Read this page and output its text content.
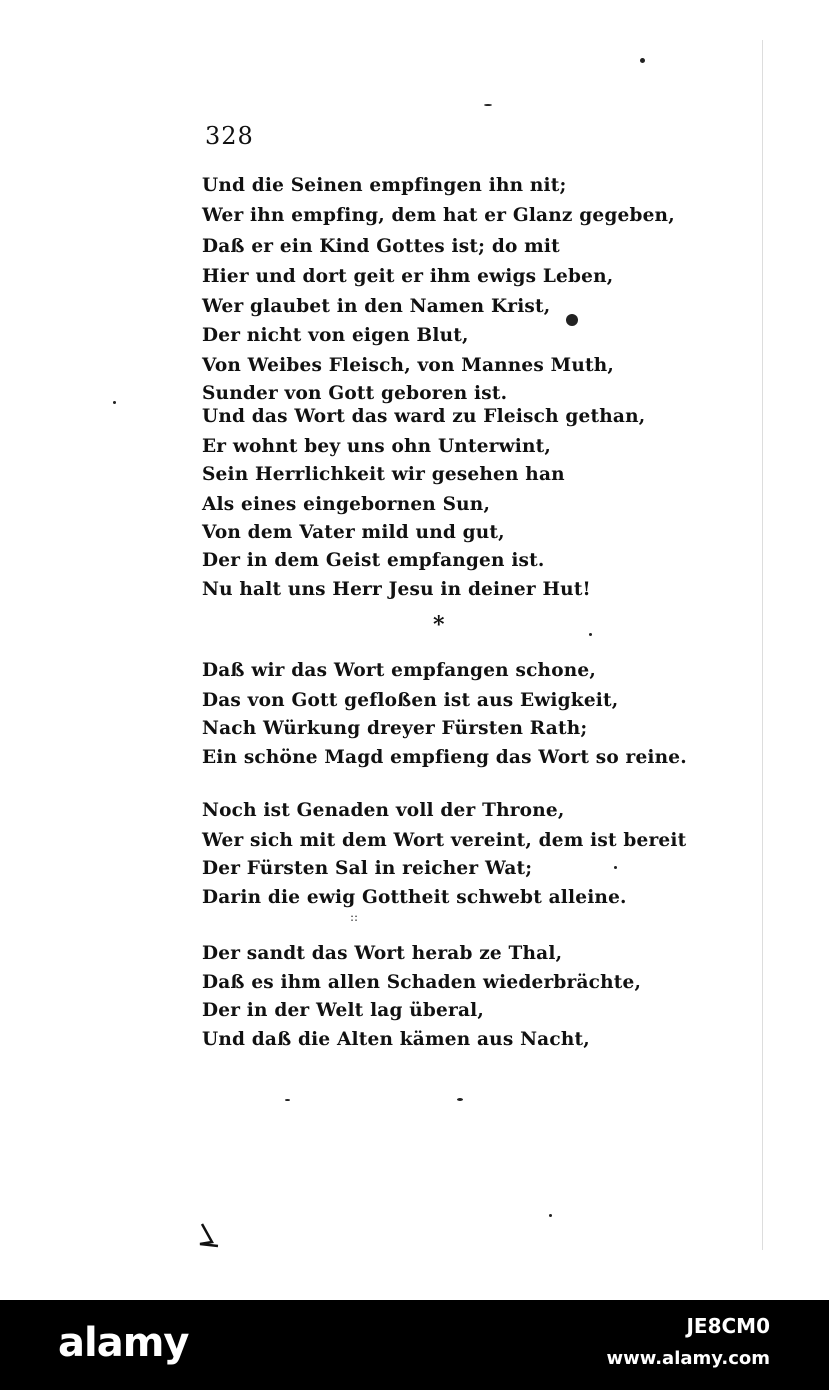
328
Und die Seinen empfingen ihn nit;
Wer ihn empfing, dem hat er Glanz gegeben,
Daß er ein Kind Gottes ist; do mit
Hier und dort geit er ihm ewigs Leben,
Wer glaubet in den Namen Krist,
Der nicht von eigen Blut,
Von Weibes Fleisch, von Mannes Muth,
Sunder von Gott geboren ist.
Und das Wort das ward zu Fleisch gethan,
Er wohnt bey uns ohn Unterwint,
Sein Herrlichkeit wir gesehen han
Als eines eingebornen Sun,
Von dem Vater mild und gut,
Der in dem Geist empfangen ist.
Nu halt uns Herr Jesu in deiner Hut!
*
Daß wir das Wort empfangen schone,
Das von Gott gefloßen ist aus Ewigkeit,
Nach Würkung dreyer Fürsten Rath;
Ein schöne Magd empfieng das Wort so reine.
Noch ist Genaden voll der Throne,
Wer sich mit dem Wort vereint, dem ist bereit
Der Fürsten Sal in reicher Wat;
Darin die ewig Gottheit schwebt alleine.
::
Der sandt das Wort herab ze Thal,
Daß es ihm allen Schaden wiederbrächte,
Der in der Welt lag überal,
Und daß die Alten kämen aus Nacht,
alamy	JE8CM0
www.alamy.com
